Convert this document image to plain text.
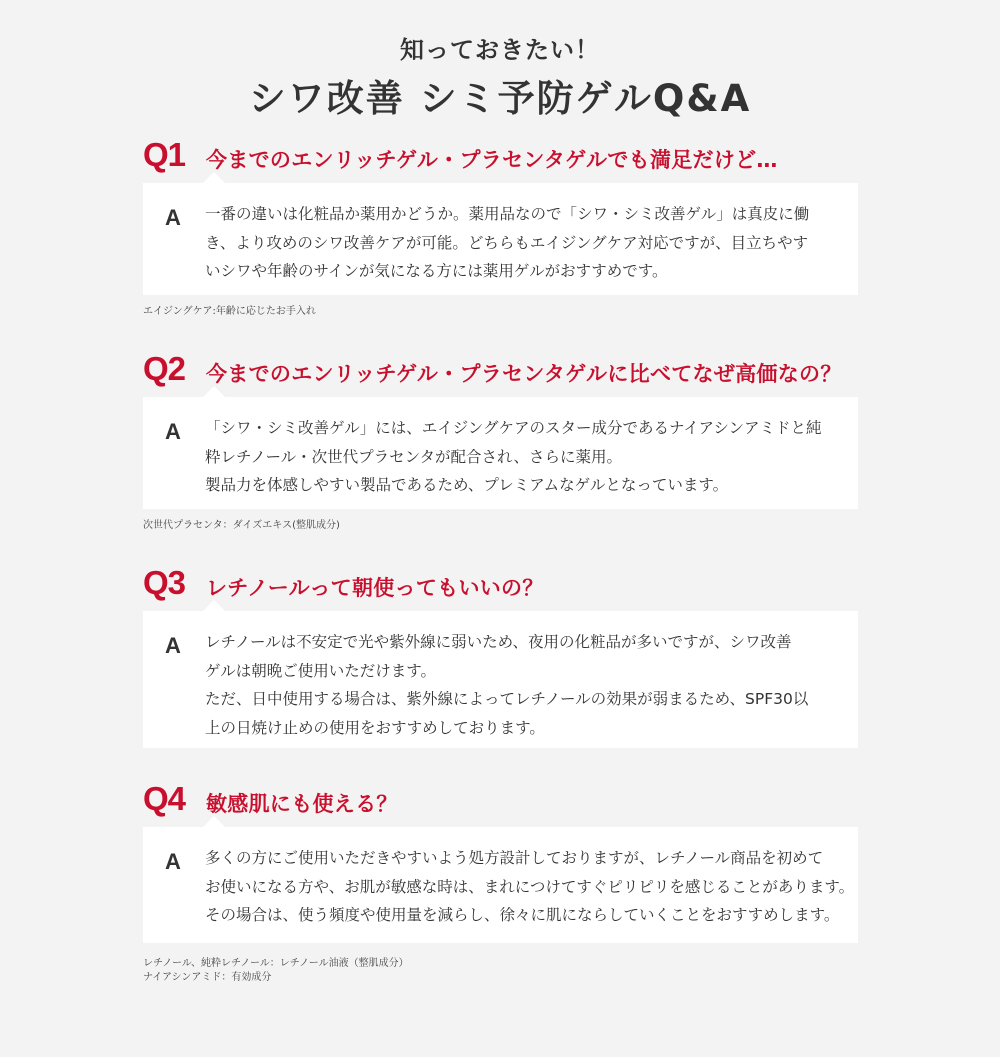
知っておきたい！
シワ改善 シミ予防ゲルQ&A
Q1 今までのエンリッチゲル・プラセンタゲルでも満足だけど…
A 一番の違いは化粧品か薬用かどうか。薬用品なので「シワ・シミ改善ゲル」は真皮に働
き、より攻めのシワ改善ケアが可能。どちらもエイジングケア対応ですが、目立ちやす
いシワや年齢のサインが気になる方には薬用ゲルがおすすめです。
エイジングケア:年齢に応じたお手入れ
Q2 今までのエンリッチゲル・プラセンタゲルに比べてなぜ高価なの？
A 「シワ・シミ改善ゲル」には、エイジングケアのスター成分であるナイアシンアミドと純
粋レチノール・次世代プラセンタが配合され、さらに薬用。
製品力を体感しやすい製品であるため、プレミアムなゲルとなっています。
次世代プラセンタ：ダイズエキス(整肌成分)
Q3 レチノールって朝使ってもいいの？
A レチノールは不安定で光や紫外線に弱いため、夜用の化粧品が多いですが、シワ改善
ゲルは朝晩ご使用いただけます。
ただ、日中使用する場合は、紫外線によってレチノールの効果が弱まるため、SPF30以
上の日焼け止めの使用をおすすめしております。
Q4 敏感肌にも使える？
A 多くの方にご使用いただきやすいよう処方設計しておりますが、レチノール商品を初めて
お使いになる方や、お肌が敏感な時は、まれにつけてすぐピリピリを感じることがあります。
その場合は、使う頻度や使用量を減らし、徐々に肌にならしていくことをおすすめします。
レチノール、純粋レチノール：レチノール油液（整肌成分）
ナイアシンアミド：有効成分
